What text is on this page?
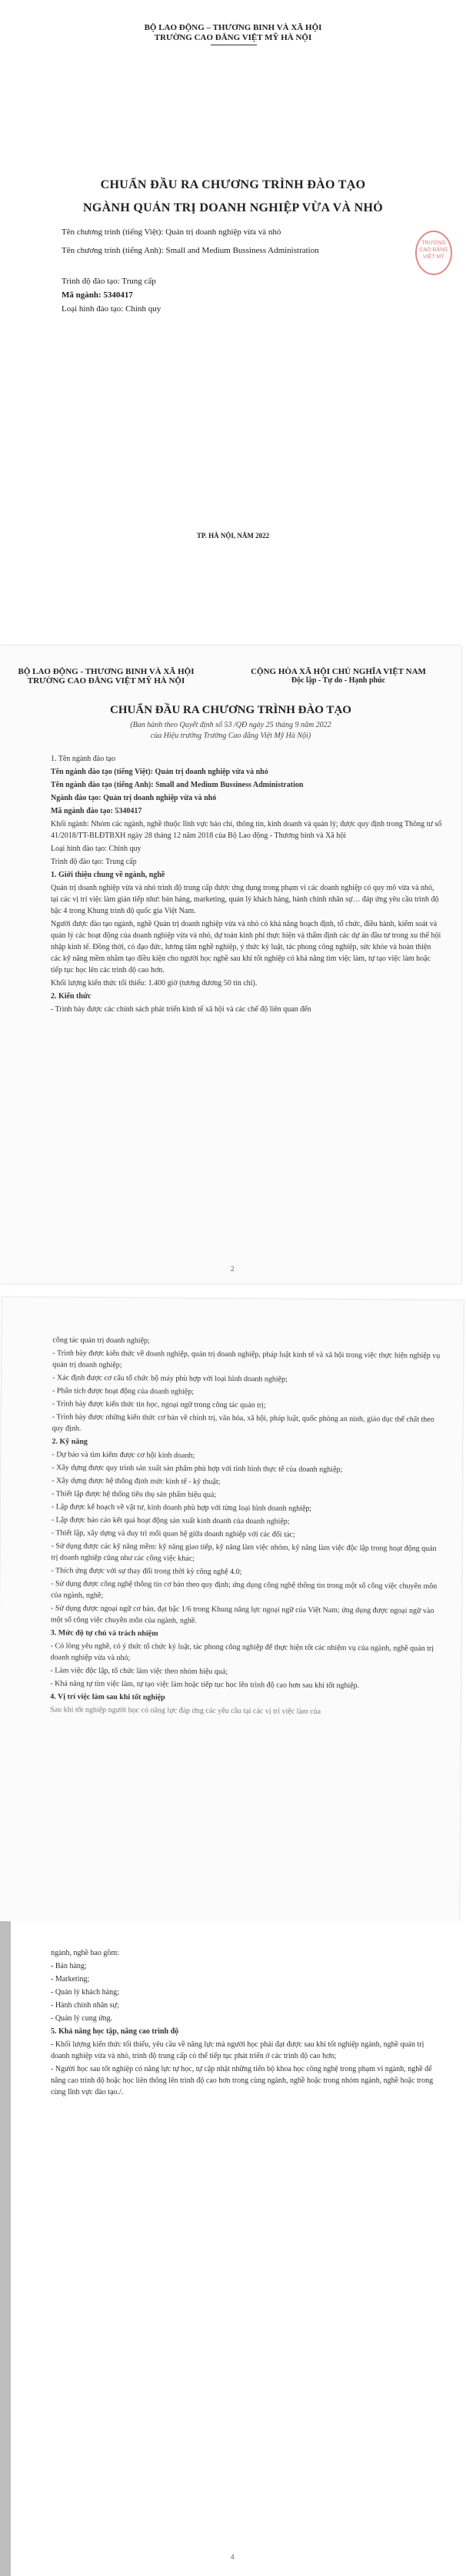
BỘ LAO ĐỘNG – THƯƠNG BINH VÀ XÃ HỘI
TRƯỜNG CAO ĐẲNG VIỆT MỸ HÀ NỘI
CHUẨN ĐẦU RA CHƯƠNG TRÌNH ĐÀO TẠO
NGÀNH QUẢN TRỊ DOANH NGHIỆP VỪA VÀ NHỎ
Tên chương trình (tiếng Việt): Quản trị doanh nghiệp vừa và nhỏ
Tên chương trình (tiếng Anh): Small and Medium Bussiness Administration
Trình độ đào tạo: Trung cấp
Mã ngành: 5340417
Loại hình đào tạo: Chính quy
TRƯỜNG CAO ĐẲNG VIỆT MỸ
TP. HÀ NỘI, NĂM 2022
BỘ LAO ĐỘNG - THƯƠNG BINH VÀ XÃ HỘI
TRƯỜNG CAO ĐẲNG VIỆT MỸ HÀ NỘI
CỘNG HÒA XÃ HỘI CHỦ NGHĨA VIỆT NAM
Độc lập - Tự do - Hạnh phúc
CHUẨN ĐẦU RA CHƯƠNG TRÌNH ĐÀO TẠO
(Ban hành theo Quyết định số 53 /QĐ ngày 25 tháng 9 năm 2022
của Hiệu trưởng Trường Cao đẳng Việt Mỹ Hà Nội)

1. Tên ngành đào tạo

Tên ngành đào tạo (tiếng Việt): Quản trị doanh nghiệp vừa và nhỏ

Tên ngành đào tạo (tiếng Anh): Small and Medium Bussiness Administration

Ngành đào tạo: Quản trị doanh nghiệp vừa và nhỏ

Mã ngành đào tạo: 5340417

Khối ngành: Nhóm các ngành, nghề thuộc lĩnh vực báo chí, thông tin, kinh doanh và quản lý; được quy định trong Thông tư số 41/2018/TT-BLĐTBXH ngày 28 tháng 12 năm 2018 của Bộ Lao động - Thương binh và Xã hội

Loại hình đào tạo: Chính quy

Trình độ đào tạo: Trung cấp

1. Giới thiệu chung về ngành, nghề

Quản trị doanh nghiệp vừa và nhỏ trình độ trung cấp được ứng dụng trong phạm vi các doanh nghiệp có quy mô vừa và nhỏ, tại các vị trí việc làm gián tiếp như: bán hàng, marketing, quản lý khách hàng, hành chính nhân sự… đáp ứng yêu cầu trình độ bậc 4 trong Khung trình độ quốc gia Việt Nam.

Người được đào tạo ngành, nghề Quản trị doanh nghiệp vừa và nhỏ có khả năng hoạch định, tổ chức, điều hành, kiểm soát và quản lý các hoạt động của doanh nghiệp vừa và nhỏ, dự toán kinh phí thực hiện và thẩm định các dự án đầu tư trong xu thế hội nhập kinh tế. Đồng thời, có đạo đức, lương tâm nghề nghiệp, ý thức kỷ luật, tác phong công nghiệp, sức khỏe và hoàn thiện các kỹ năng mềm nhằm tạo điều kiện cho người học nghề sau khi tốt nghiệp có khả năng tìm việc làm, tự tạo việc làm hoặc tiếp tục học lên các trình độ cao hơn.

Khối lượng kiến thức tối thiểu: 1.400 giờ (tương đương 50 tín chỉ).

2. Kiến thức

- Trình bày được các chính sách phát triển kinh tế xã hội và các chế độ liên quan đến

2

công tác quản trị doanh nghiệp;

- Trình bày được kiến thức về doanh nghiệp, quản trị doanh nghiệp, pháp luật kinh tế và xã hội trong việc thực hiện nghiệp vụ quản trị doanh nghiệp;

- Xác định được cơ cấu tổ chức bộ máy phù hợp với loại hình doanh nghiệp;

- Phân tích được hoạt động của doanh nghiệp;

- Trình bày được kiến thức tin học, ngoại ngữ trong công tác quản trị;

- Trình bày được những kiến thức cơ bản về chính trị, văn hóa, xã hội, pháp luật, quốc phòng an ninh, giáo dục thể chất theo quy định.

2. Kỹ năng

- Dự báo và tìm kiếm được cơ hội kinh doanh;

- Xây dựng được quy trình sản xuất sản phẩm phù hợp với tình hình thực tế của doanh nghiệp;

- Xây dựng được hệ thống định mức kinh tế - kỹ thuật;

- Thiết lập được hệ thống tiêu thụ sản phẩm hiệu quả;

- Lập được kế hoạch về vật tư, kinh doanh phù hợp với từng loại hình doanh nghiệp;

- Lập được báo cáo kết quả hoạt động sản xuất kinh doanh của doanh nghiệp;

- Thiết lập, xây dựng và duy trì mối quan hệ giữa doanh nghiệp với các đối tác;

- Sử dụng được các kỹ năng mềm: kỹ năng giao tiếp, kỹ năng làm việc nhóm, kỹ năng làm việc độc lập trong hoạt động quản trị doanh nghiệp cũng như các công việc khác;

- Thích ứng được với sự thay đổi trong thời kỳ công nghệ 4.0;

- Sử dụng được công nghệ thông tin cơ bản theo quy định; ứng dụng công nghệ thông tin trong một số công việc chuyên môn của ngành, nghề;

- Sử dụng được ngoại ngữ cơ bản, đạt bậc 1/6 trong Khung năng lực ngoại ngữ của Việt Nam; ứng dụng được ngoại ngữ vào một số công việc chuyên môn của ngành, nghề.

3. Mức độ tự chủ và trách nhiệm

- Có lòng yêu nghề, có ý thức tổ chức kỷ luật, tác phong công nghiệp để thực hiện tốt các nhiệm vụ của ngành, nghề quản trị doanh nghiệp vừa và nhỏ;

- Làm việc độc lập, tổ chức làm việc theo nhóm hiệu quả;

- Khả năng tự tìm việc làm, tự tạo việc làm hoặc tiếp tục học lên trình độ cao hơn sau khi tốt nghiệp.

4. Vị trí việc làm sau khi tốt nghiệp

Sau khi tốt nghiệp người học có năng lực đáp ứng các yêu cầu tại các vị trí việc làm của

ngành, nghề bao gồm:

- Bán hàng;

- Marketing;

- Quản lý khách hàng;

- Hành chính nhân sự;

- Quản lý cung ứng.

5. Khả năng học tập, nâng cao trình độ

- Khối lượng kiến thức tối thiểu, yêu cầu về năng lực mà người học phải đạt được sau khi tốt nghiệp ngành, nghề quản trị doanh nghiệp vừa và nhỏ, trình độ trung cấp có thể tiếp tục phát triển ở các trình độ cao hơn;

- Người học sau tốt nghiệp có năng lực tự học, tự cập nhật những tiến bộ khoa học công nghệ trong phạm vi ngành, nghề để nâng cao trình độ hoặc học liên thông lên trình độ cao hơn trong cùng ngành, nghề hoặc trong nhóm ngành, nghề hoặc trong cùng lĩnh vực đào tạo./.

4
